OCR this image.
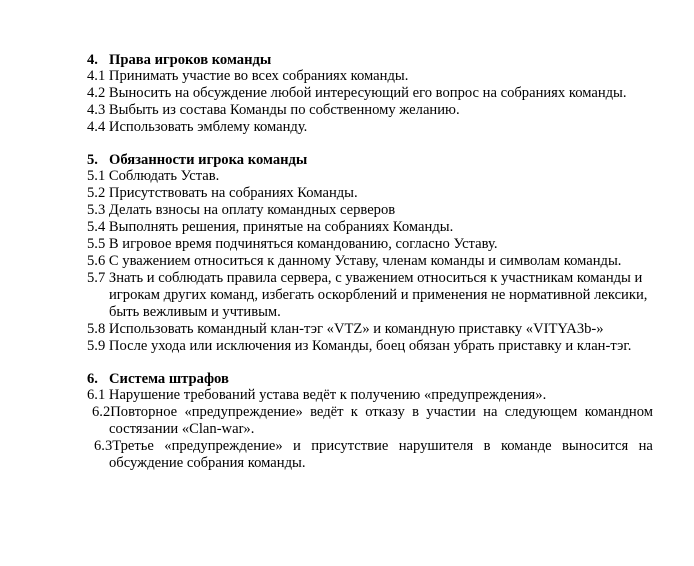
4. Права игроков команды
4.1 Принимать участие во всех собраниях команды.
4.2 Выносить на обсуждение любой интересующий его вопрос на собраниях команды.
4.3 Выбыть из состава Команды по собственному желанию.
4.4 Использовать эмблему команду.
5. Обязанности игрока команды
5.1 Соблюдать Устав.
5.2 Присутствовать на собраниях Команды.
5.3 Делать взносы на оплату командных серверов
5.4 Выполнять решения, принятые на собраниях Команды.
5.5 В игровое время подчиняться командованию, согласно Уставу.
5.6 С уважением относиться к данному Уставу, членам команды и символам команды.
5.7 Знать и соблюдать правила сервера, с уважением относиться к участникам команды и
игрокам других команд, избегать оскорблений и применения не нормативной лексики,
быть вежливым и учтивым.
5.8 Использовать командный клан-тэг «VTZ» и командную приставку «VITYA3b-»
5.9 После ухода или исключения из Команды, боец обязан убрать приставку и клан-тэг.
6. Система штрафов
6.1 Нарушение требований устава ведёт к получению «предупреждения».
6.2Повторное «предупреждение» ведёт к отказу в участии на следующем командном
состязании «Clan-war».
6.3Третье «предупреждение» и присутствие нарушителя в команде выносится на
обсуждение собрания команды.
